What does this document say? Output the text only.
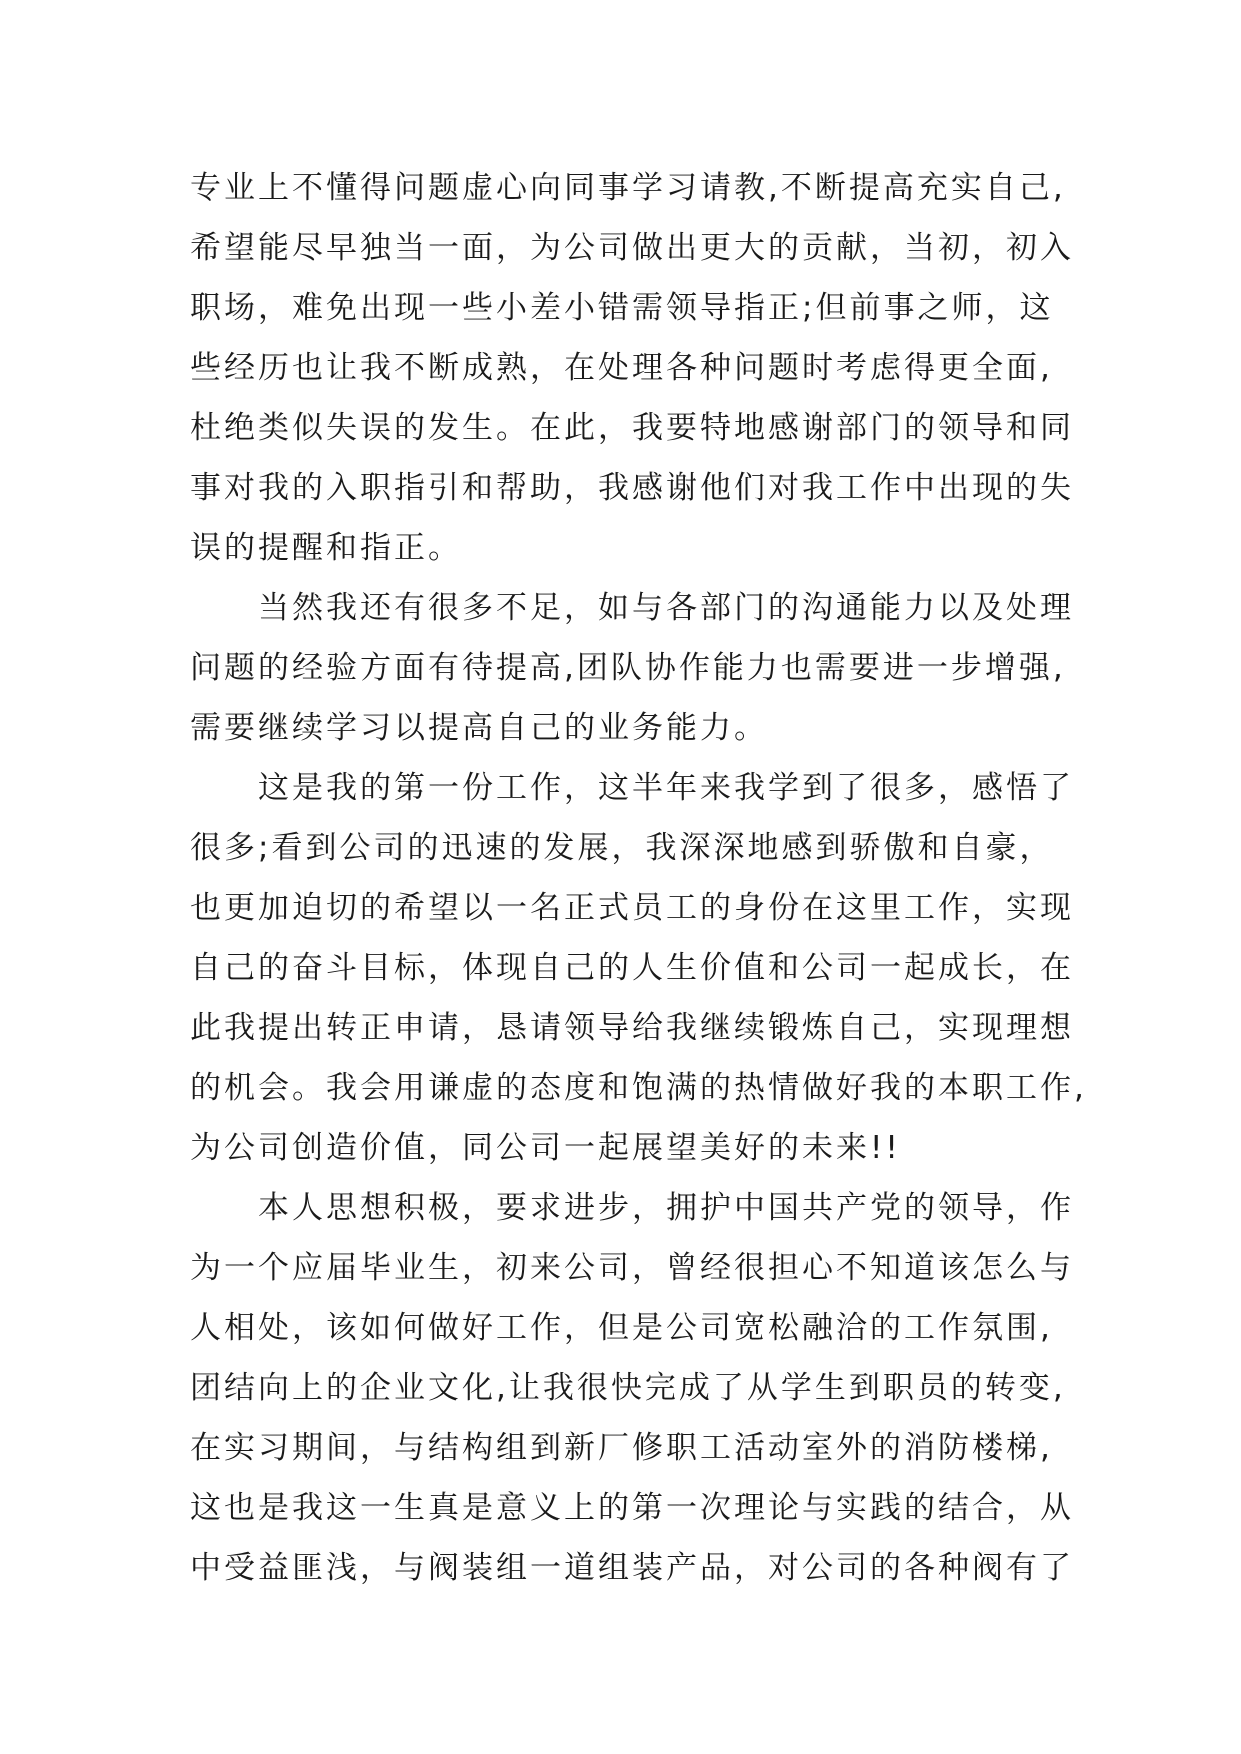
专业上不懂得问题虚心向同事学习请教,不断提高充实自己,
希望能尽早独当一面，为公司做出更大的贡献，当初，初入
职场，难免出现一些小差小错需领导指正;但前事之师，这
些经历也让我不断成熟，在处理各种问题时考虑得更全面,
杜绝类似失误的发生。在此，我要特地感谢部门的领导和同
事对我的入职指引和帮助，我感谢他们对我工作中出现的失
误的提醒和指正。
　　当然我还有很多不足，如与各部门的沟通能力以及处理
问题的经验方面有待提高,团队协作能力也需要进一步增强,
需要继续学习以提高自己的业务能力。
　　这是我的第一份工作，这半年来我学到了很多，感悟了
很多;看到公司的迅速的发展，我深深地感到骄傲和自豪，
也更加迫切的希望以一名正式员工的身份在这里工作，实现
自己的奋斗目标，体现自己的人生价值和公司一起成长，在
此我提出转正申请，恳请领导给我继续锻炼自己，实现理想
的机会。我会用谦虚的态度和饱满的热情做好我的本职工作,
为公司创造价值，同公司一起展望美好的未来!!
　　本人思想积极，要求进步，拥护中国共产党的领导，作
为一个应届毕业生，初来公司，曾经很担心不知道该怎么与
人相处，该如何做好工作，但是公司宽松融洽的工作氛围,
团结向上的企业文化,让我很快完成了从学生到职员的转变,
在实习期间，与结构组到新厂修职工活动室外的消防楼梯,
这也是我这一生真是意义上的第一次理论与实践的结合，从
中受益匪浅，与阀装组一道组装产品，对公司的各种阀有了
